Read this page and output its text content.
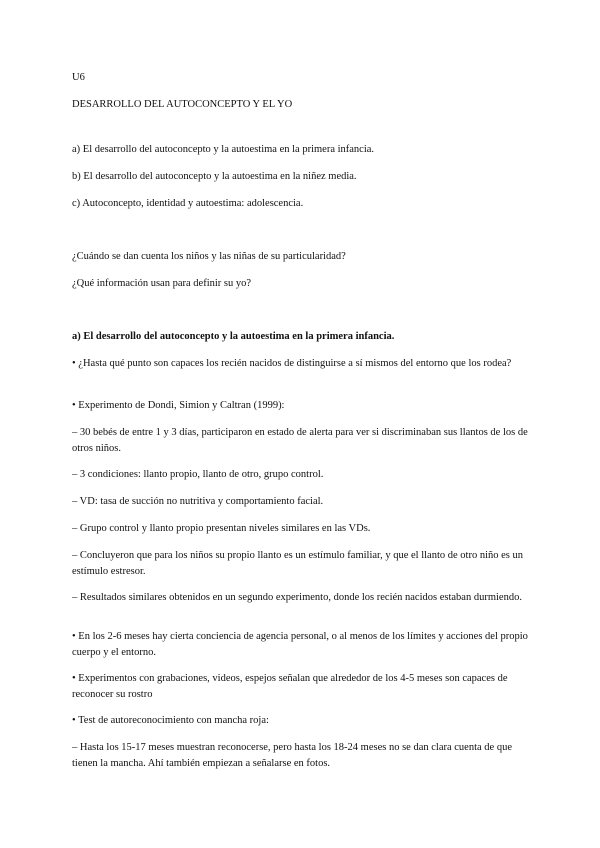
U6
DESARROLLO DEL AUTOCONCEPTO Y EL YO
a) El desarrollo del autoconcepto y la autoestima en la primera infancia.
b) El desarrollo del autoconcepto y la autoestima en la niñez media.
c) Autoconcepto, identidad y autoestima: adolescencia.
¿Cuándo se dan cuenta los niños y las niñas de su particularidad?
¿Qué información usan para definir su yo?
a) El desarrollo del autoconcepto y la autoestima en la primera infancia.
• ¿Hasta qué punto son capaces los recién nacidos de distinguirse a sí mismos del entorno que los rodea?
• Experimento de Dondi, Simion y Caltran (1999):
– 30 bebés de entre 1 y 3 días, participaron en estado de alerta para ver si discriminaban sus llantos de los de otros niños.
– 3 condiciones: llanto propio, llanto de otro, grupo control.
– VD: tasa de succión no nutritiva y comportamiento facial.
– Grupo control y llanto propio presentan niveles similares en las VDs.
– Concluyeron que para los niños su propio llanto es un estímulo familiar, y que el llanto de otro niño es un estímulo estresor.
– Resultados similares obtenidos en un segundo experimento, donde los recién nacidos estaban durmiendo.
• En los 2-6 meses hay cierta conciencia de agencia personal, o al menos de los límites y acciones del propio cuerpo y el entorno.
• Experimentos con grabaciones, videos, espejos señalan que alrededor de los 4-5 meses son capaces de reconocer su rostro
• Test de autoreconocimiento con mancha roja:
– Hasta los 15-17 meses muestran reconocerse, pero hasta los 18-24 meses no se dan clara cuenta de que tienen la mancha. Ahí también empiezan a señalarse en fotos.
